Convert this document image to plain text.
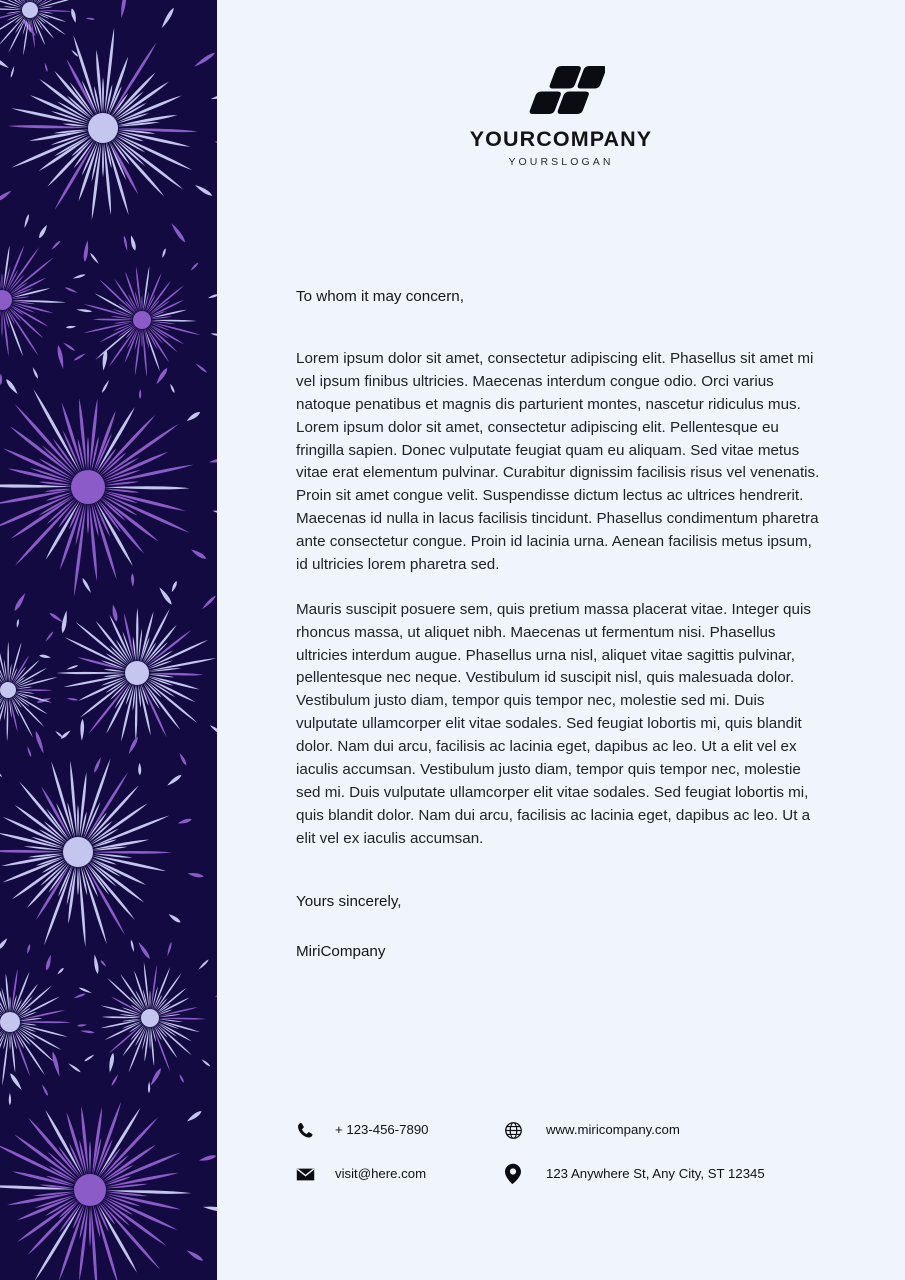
YOURCOMPANY
YOURSLOGAN

To whom it may concern,

Lorem ipsum dolor sit amet, consectetur adipiscing elit. Phasellus sit amet mi vel ipsum finibus ultricies. Maecenas interdum congue odio. Orci varius natoque penatibus et magnis dis parturient montes, nascetur ridiculus mus. Lorem ipsum dolor sit amet, consectetur adipiscing elit. Pellentesque eu fringilla sapien. Donec vulputate feugiat quam eu aliquam. Sed vitae metus vitae erat elementum pulvinar. Curabitur dignissim facilisis risus vel venenatis. Proin sit amet congue velit. Suspendisse dictum lectus ac ultrices hendrerit. Maecenas id nulla in lacus facilisis tincidunt. Phasellus condimentum pharetra ante consectetur congue. Proin id lacinia urna. Aenean facilisis metus ipsum, id ultricies lorem pharetra sed.

Mauris suscipit posuere sem, quis pretium massa placerat vitae. Integer quis rhoncus massa, ut aliquet nibh. Maecenas ut fermentum nisi. Phasellus ultricies interdum augue. Phasellus urna nisl, aliquet vitae sagittis pulvinar, pellentesque nec neque. Vestibulum id suscipit nisl, quis malesuada dolor. Vestibulum justo diam, tempor quis tempor nec, molestie sed mi. Duis vulputate ullamcorper elit vitae sodales. Sed feugiat lobortis mi, quis blandit dolor. Nam dui arcu, facilisis ac lacinia eget, dapibus ac leo. Ut a elit vel ex iaculis accumsan. Vestibulum justo diam, tempor quis tempor nec, molestie sed mi. Duis vulputate ullamcorper elit vitae sodales. Sed feugiat lobortis mi, quis blandit dolor. Nam dui arcu, facilisis ac lacinia eget, dapibus ac leo. Ut a elit vel ex iaculis accumsan.

Yours sincerely,

MiriCompany

+ 123-456-7890	www.miricompany.com
visit@here.com	123 Anywhere St, Any City, ST 12345
